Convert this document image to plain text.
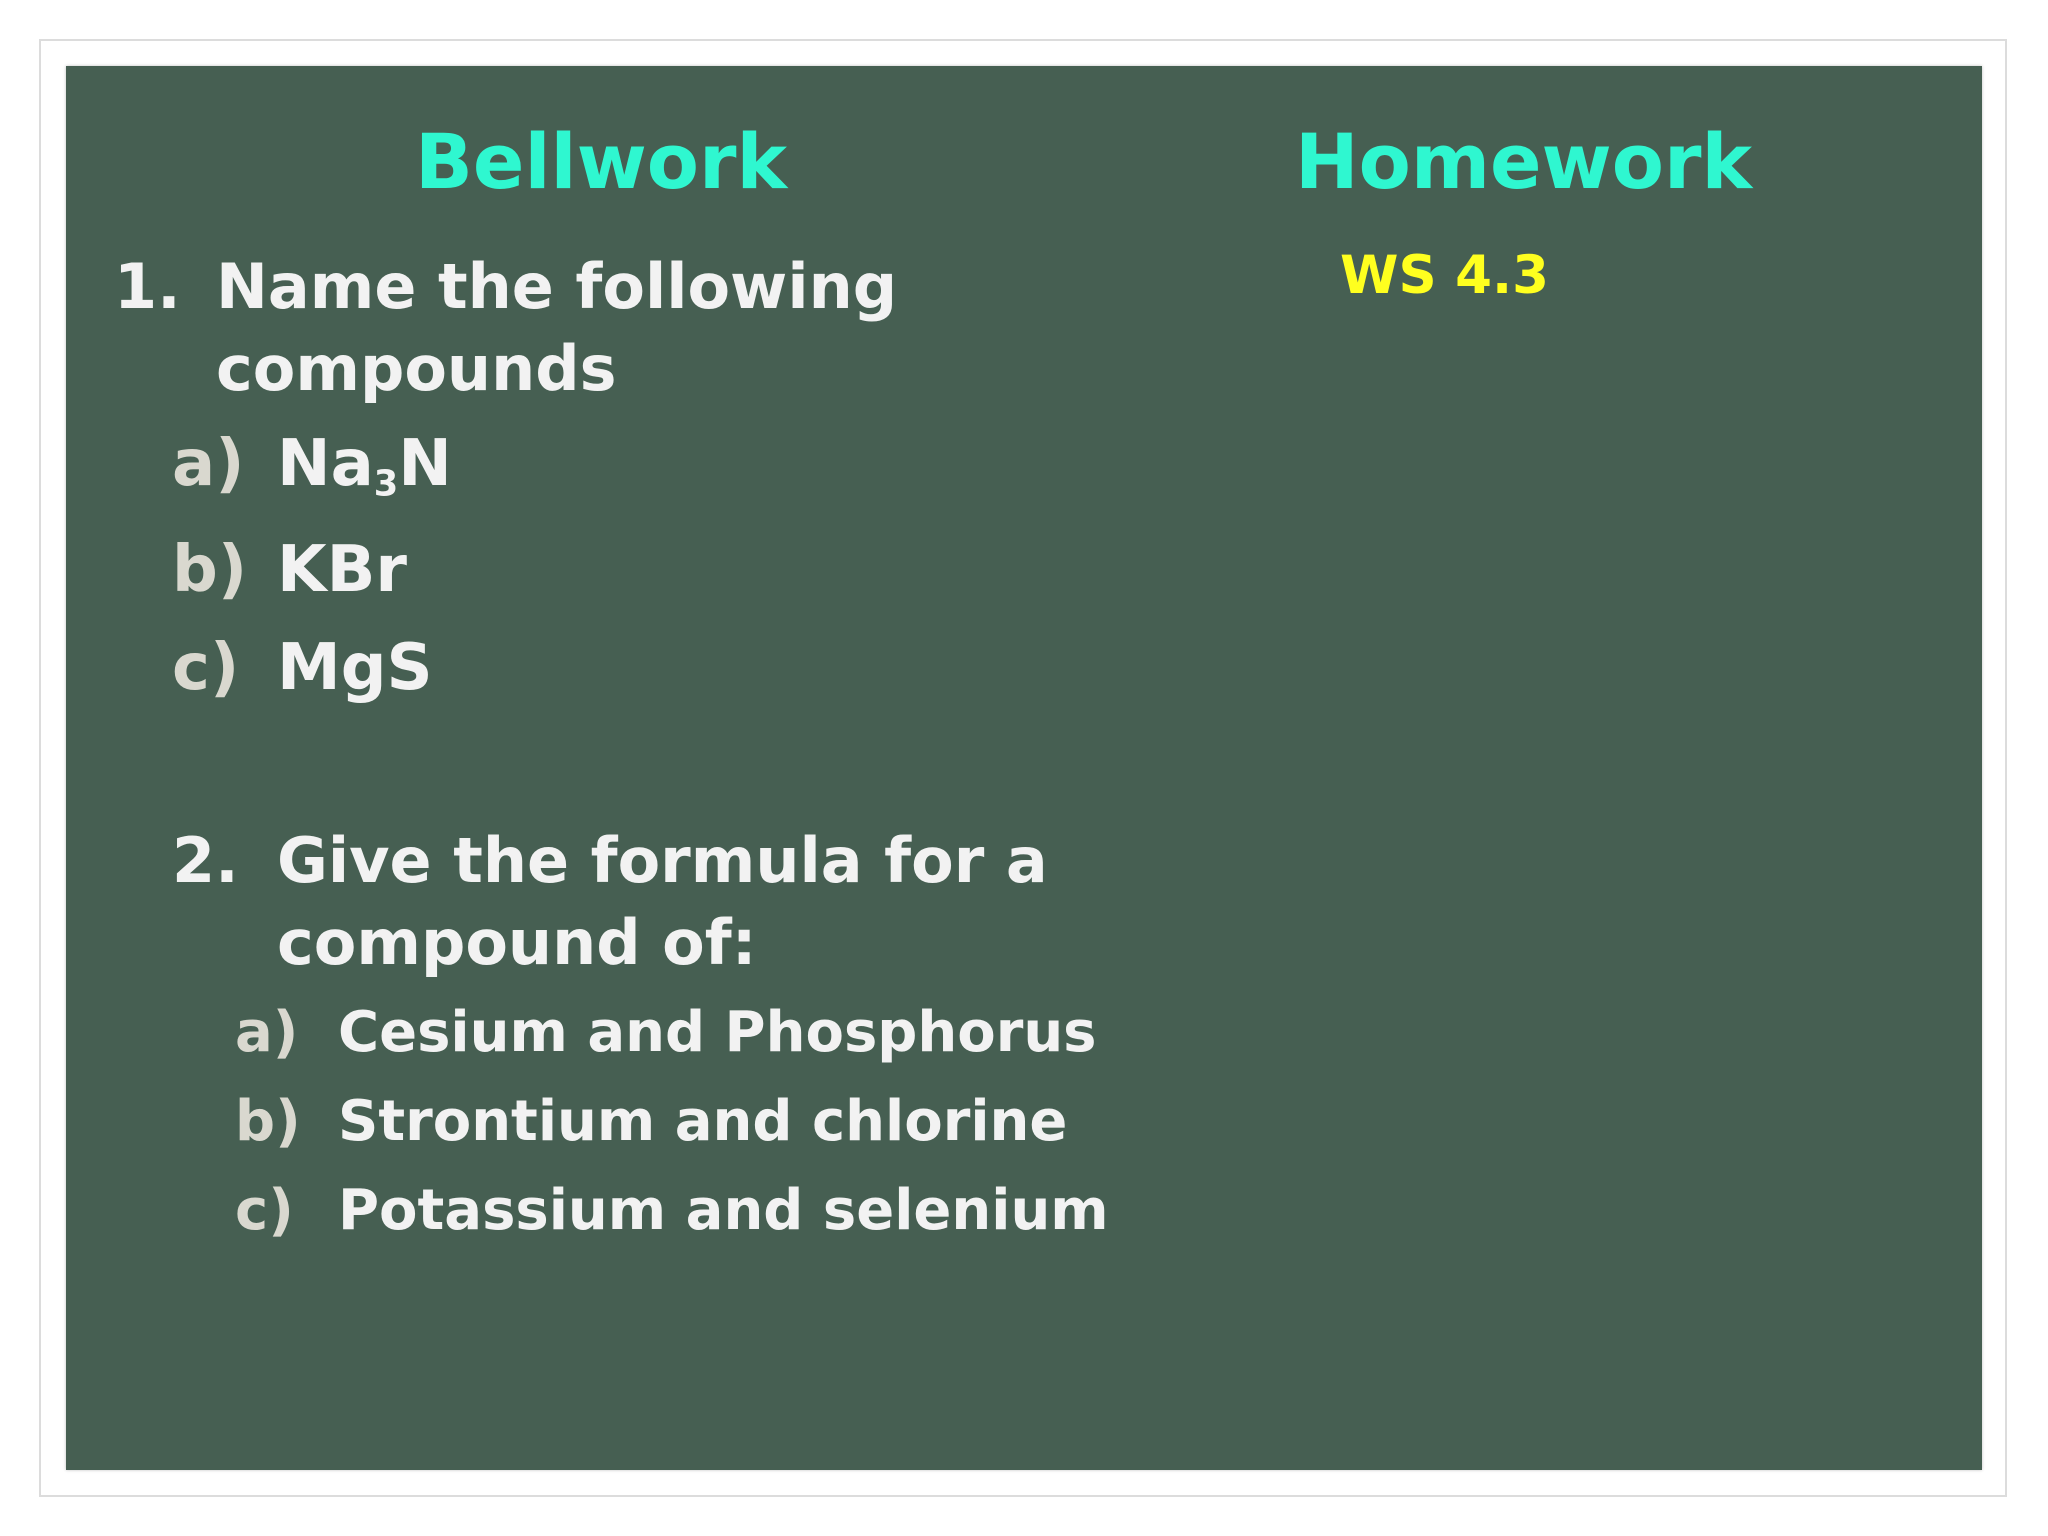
Bellwork	Homework
1. Name the following
compounds
a) $Na_3N$
b) KBr
c) MgS
2. Give the formula for a
compound of:
a) Cesium and Phosphorus
b) Strontium and chlorine
c) Potassium and selenium
WS 4.3
